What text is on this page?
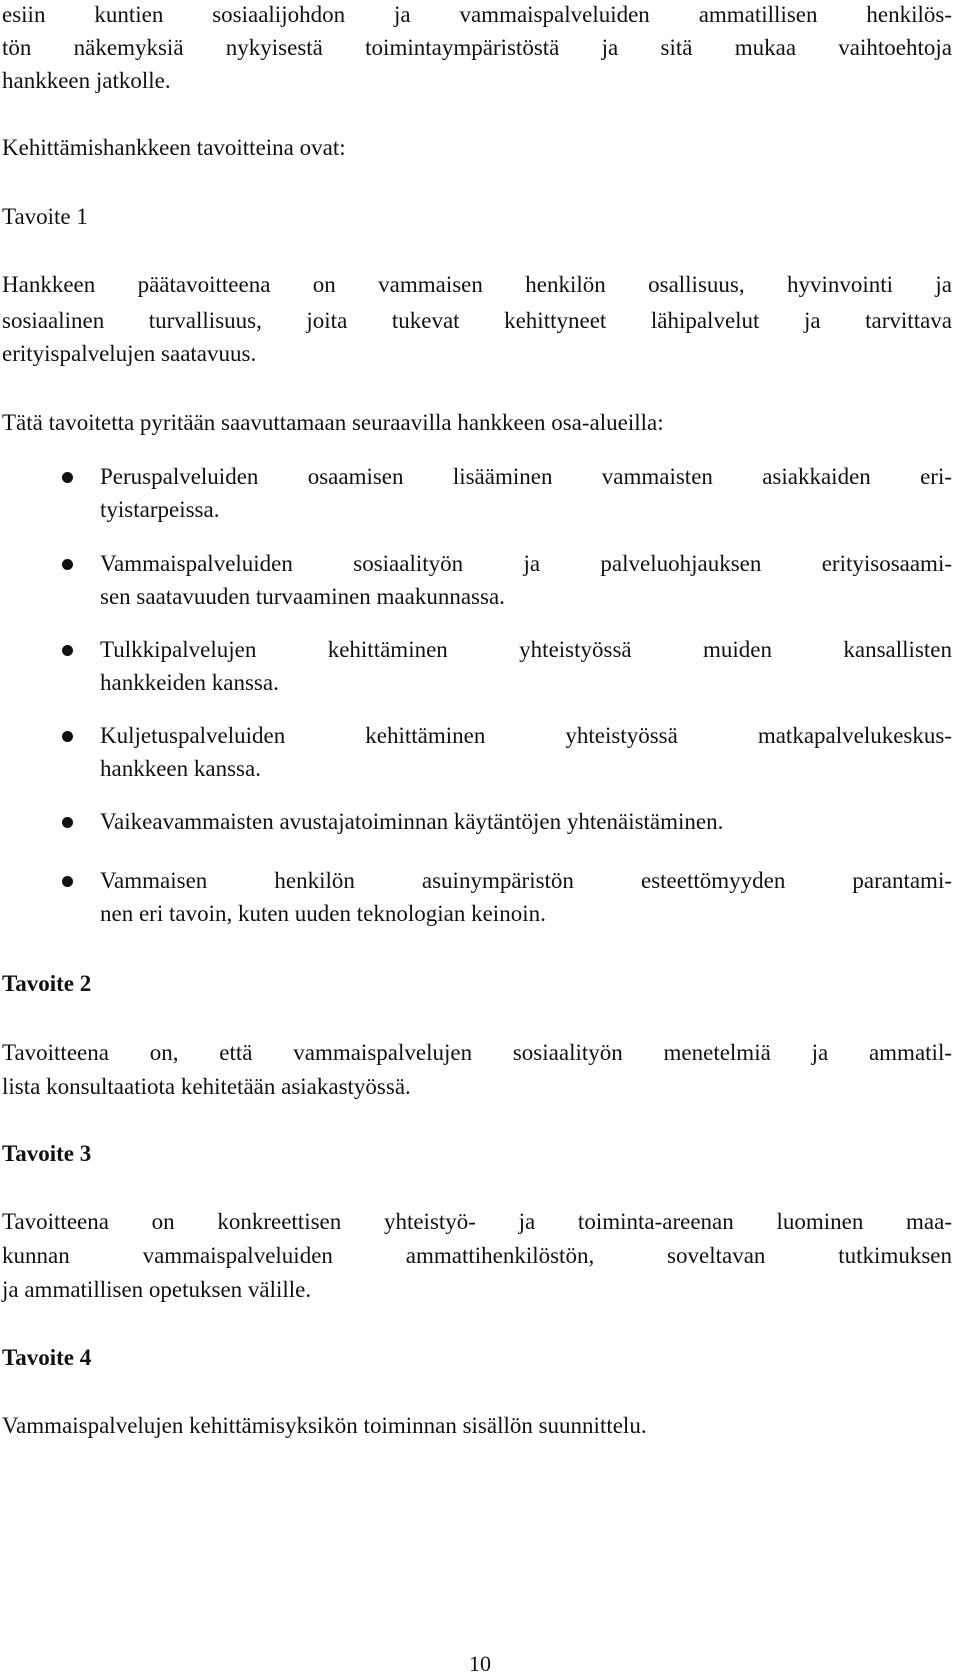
esiin kuntien sosiaalijohdon ja vammaispalveluiden ammatillisen henkilös-

tön näkemyksiä nykyisestä toimintaympäristöstä ja sitä mukaa vaihtoehtoja

hankkeen jatkolle.

Kehittämishankkeen tavoitteina ovat:

Tavoite 1

Hankkeen päätavoitteena on vammaisen henkilön osallisuus, hyvinvointi ja

sosiaalinen turvallisuus, joita tukevat kehittyneet lähipalvelut ja tarvittava

erityispalvelujen saatavuus.

Tätä tavoitetta pyritään saavuttamaan seuraavilla hankkeen osa-alueilla:

Peruspalveluiden osaamisen lisääminen vammaisten asiakkaiden eri-

tyistarpeissa.

Vammaispalveluiden sosiaalityön ja palveluohjauksen erityisosaami-

sen saatavuuden turvaaminen maakunnassa.

Tulkkipalvelujen kehittäminen yhteistyössä muiden kansallisten

hankkeiden kanssa.

Kuljetuspalveluiden kehittäminen yhteistyössä matkapalvelukeskus-

hankkeen kanssa.

Vaikeavammaisten avustajatoiminnan käytäntöjen yhtenäistäminen.

Vammaisen henkilön asuinympäristön esteettömyyden parantami-

nen eri tavoin, kuten uuden teknologian keinoin.

Tavoite 2

Tavoitteena on, että vammaispalvelujen sosiaalityön menetelmiä ja ammatil-

lista konsultaatiota kehitetään asiakastyössä.

Tavoite 3

Tavoitteena on konkreettisen yhteistyö- ja toiminta-areenan luominen maa-

kunnan vammaispalveluiden ammattihenkilöstön, soveltavan tutkimuksen

ja ammatillisen opetuksen välille.

Tavoite 4

Vammaispalvelujen kehittämisyksikön toiminnan sisällön suunnittelu.

10
